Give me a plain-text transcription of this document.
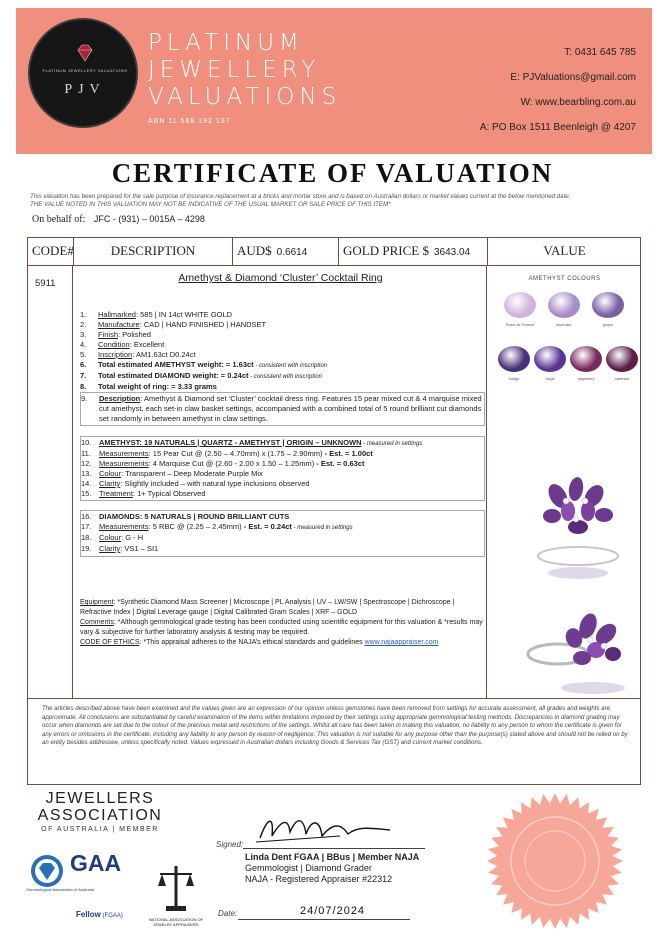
PLATINUM JEWELLERY VALUATIONS
PJV
PLATINUM
JEWELLERY
VALUATIONS
ABN 11 588 192 137
T: 0431 645 785
E: PJValuations@gmail.com
W: www.bearbling.com.au
A: PO Box 1511 Beenleigh @ 4207
CERTIFICATE OF VALUATION
This valuation has been prepared for the sale purpose of insurance replacement at a bricks and mortar store and is based on Australian dollars or market values current at the below mentioned date.
THE VALUE NOTED IN THIS VALUATION MAY NOT BE INDICATIVE OF THE USUAL MARKET OR SALE PRICE OF THIS ITEM*
On behalf of: JFC - (931) – 0015A – 4298
CODE#	DESCRIPTION	AUD$ 0.6614	GOLD PRICE $ 3643.04	VALUE
5911	Amethyst & Diamond ‘Cluster’ Cocktail Ring
1.	Hallmarked: 585 | IN 14ct WHITE GOLD
2.	Manufacture: CAD | HAND FINISHED | HANDSET
3.	Finish: Polished
4.	Condition: Excellent
5.	Inscription: AM1.63ct D0.24ct
6.	Total estimated AMETHYST weight: = 1.63ct - consistent with inscription
7.	Total estimated DIAMOND weight: = 0.24ct - consistent with inscription
8.	Total weight of ring: = 3.33 grams
9.	Description: Amethyst & Diamond set ‘Cluster’ cocktail dress ring. Features 15 pear mixed cut & 4 marquise mixed cut amethyst, each set-in claw basket settings, accompanied with a combined total of 5 round brilliant cut diamonds set randomly in between amethyst in claw settings.
10.	AMETHYST: 19 NATURALS | QUARTZ - AMETHYST | ORIGIN – UNKNOWN - measured in settings
11.	Measurements: 15 Pear Cut @ (2.50 – 4.70mm) x (1.75 – 2.90mm) - Est. = 1.00ct
12.	Measurements: 4 Marquise Cut @ (2.60 - 2.00 x 1.50 – 1.25mm) - Est. = 0.63ct
13.	Colour: Transparent – Deep Moderate Purple Mix
14.	Clarity: Slightly included – with natural type inclusions observed
15.	Treatment: 1+ Typical Observed
16.	DIAMONDS: 5 NATURALS | ROUND BRILLIANT CUTS
17.	Measurements: 5 RBC @ (2.25 – 2.45mm) - Est. = 0.24ct - measured in settings
18.	Colour: G - H
19.	Clarity: VS1 – SI1
Equipment: *Synthetic Diamond Mass Screener | Microscope | PL Analysis | UV – LW/SW | Spectroscope | Dichroscope | Refractive Index | Digital Leverage gauge | Digital Calibrated Gram Scales | XRF – GOLD
Comments: *Although gemmological grade testing has been conducted using scientific equipment for this valuation & *results may vary & subjective for further laboratory analysis & testing may be required.
CODE OF ETHICS: *This appraisal adheres to the NAJA’s ethical standards and guidelines www.najaappraiser.com
AMETHYST COLOURS
Rose de France	lavender	grape
indigo	royal	raspberry	siberian
The articles described above have been examined and the values given are an expression of our opinion unless gemstones have been removed from settings for accurate assessment, all grades and weights are approximate. All conclusions are substantiated by careful examination of the items within limitations imposed by their settings using appropriate gemmological testing methods. Discrepancies in diamond grading may occur when diamonds are set due to the colour of the precious metal and restrictions of the settings. Whilst all care has been taken in making this valuation, no liability to any person to whom the certificate is given for any errors or omissions in the certificate, including any liability to any person by reason of negligence. This valuation is not suitable for any purpose other than the purpose(s) stated above and should not be relied on by an entity besides addressee, unless specifically noted. Values expressed in Australian dollars including Goods & Services Tax (GST) and current market conditions.
JEWELLERS
ASSOCIATION
OF AUSTRALIA | MEMBER
GAA
Gemmological Association of Australia
Fellow (FGAA)
NATIONAL ASSOCIATION OF JEWELRY APPRAISERS
Signed:
Linda Dent FGAA | BBus | Member NAJA
Gemmologist | Diamond Grader
NAJA - Registered Appraiser #22312
Date:	24/07/2024
